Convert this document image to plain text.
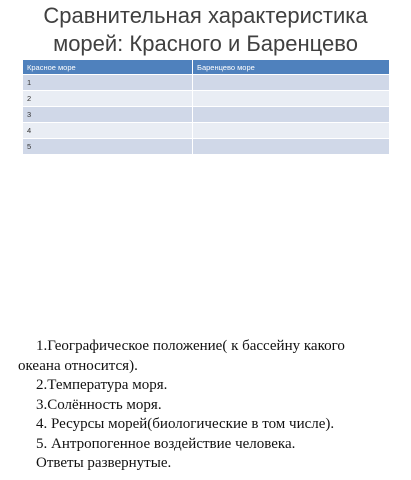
Сравнительная характеристика
морей: Красного и Баренцево
Красное море	Баренцево море
1	
2	
3	
4	
5	

1.Географическое положение( к бассейну какого

океана относится).

2.Температура моря.

3.Солённость моря.

4. Ресурсы морей(биологические в том числе).

5. Антропогенное воздействие человека.

Ответы развернутые.
